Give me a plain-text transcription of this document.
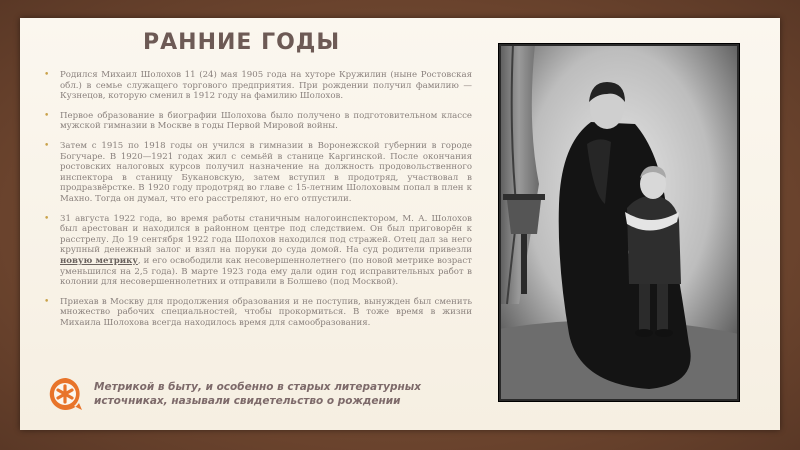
РАННИЕ ГОДЫ
• Родился Михаил Шолохов 11 (24) мая 1905 года на хуторе Кружилин (ныне Ростовская обл.) в семье служащего торгового предприятия. При рождении получил фамилию — Кузнецов, которую сменил в 1912 году на фамилию Шолохов.
• Первое образование в биографии Шолохова было получено в подготовительном классе мужской гимназии в Москве в годы Первой Мировой войны.
• Затем с 1915 по 1918 годы он учился в гимназии в Воронежской губернии в городе Богучаре. В 1920—1921 годах жил с семьёй в станице Каргинской. После окончания ростовских налоговых курсов получил назначение на должность продовольственного инспектора в станицу Букановскую, затем вступил в продотряд, участвовал в продразвёрстке. В 1920 году продотряд во главе с 15-летним Шолоховым попал в плен к Махно. Тогда он думал, что его расстреляют, но его отпустили.
• 31 августа 1922 года, во время работы станичным налогоинспектором, М. А. Шолохов был арестован и находился в районном центре под следствием. Он был приговорён к расстрелу. До 19 сентября 1922 года Шолохов находился под стражей. Отец дал за него крупный денежный залог и взял на поруки до суда домой. На суд родители привезли новую метрику, и его освободили как несовершеннолетнего (по новой метрике возраст уменьшился на 2,5 года). В марте 1923 года ему дали один год исправительных работ в колонии для несовершеннолетних и отправили в Болшево (под Москвой).
• Приехав в Москву для продолжения образования и не поступив, вынужден был сменить множество рабочих специальностей, чтобы прокормиться. В тоже время в жизни Михаила Шолохова всегда находилось время для самообразования.
Метрикой в быту, и особенно в старых литературных источниках, называли свидетельство о рождении
